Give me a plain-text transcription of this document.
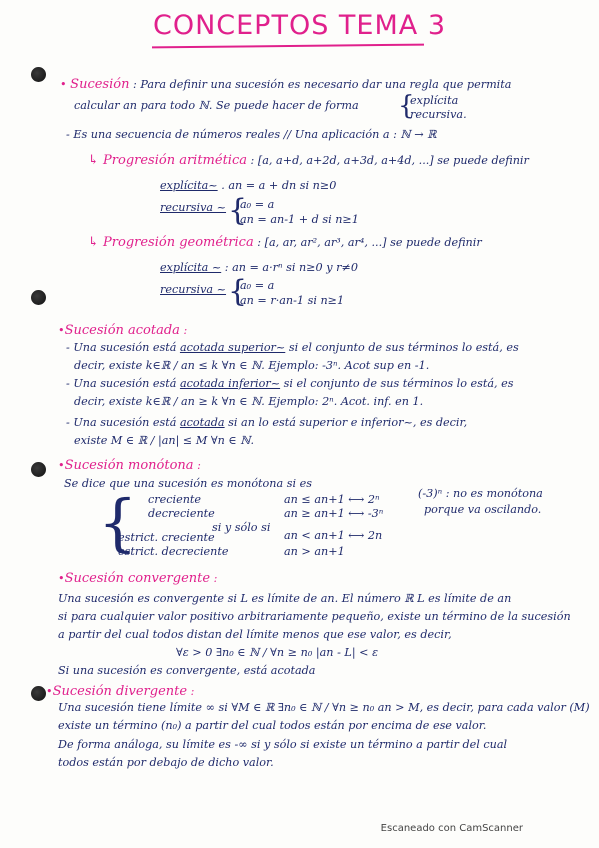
CONCEPTOS TEMA 3
• Sucesión : Para definir una sucesión es necesario dar una regla que permita
calcular an para todo ℕ. Se puede hacer de forma {
explícita
recursiva.
- Es una secuencia de números reales // Una aplicación a : ℕ → ℝ
↳ Progresión aritmética : [a, a+d, a+2d, a+3d, a+4d, ...] se puede definir
explícita~ . an = a + dn si n≥0
recursiva ~ {
a₀ = a
an = an-1 + d si n≥1
↳ Progresión geométrica : [a, ar, ar², ar³, ar⁴, ...] se puede definir
explícita ~ : an = a·rⁿ si n≥0 y r≠0
recursiva ~ {
a₀ = a
an = r·an-1 si n≥1
•Sucesión acotada :
- Una sucesión está acotada superior~ si el conjunto de sus términos lo está, es
decir, existe k∈ℝ / an ≤ k ∀n ∈ ℕ. Ejemplo: -3ⁿ. Acot sup en -1.
- Una sucesión está acotada inferior~ si el conjunto de sus términos lo está, es
decir, existe k∈ℝ / an ≥ k ∀n ∈ ℕ. Ejemplo: 2ⁿ. Acot. inf. en 1.
- Una sucesión está acotada si an lo está superior e inferior~, es decir,
existe M ∈ ℝ / |an| ≤ M ∀n ∈ ℕ.
•Sucesión monótona :
Se dice que una sucesión es monótona si es
{ creciente	an ≤ an+1 ⟷ 2ⁿ
decreciente	an ≥ an+1 ⟷ -3ⁿ
si y sólo si
estrict. creciente	an < an+1 ⟷ 2n
estrict. decreciente	an > an+1
(-3)ⁿ : no es monótona
porque va oscilando.
•Sucesión convergente :
Una sucesión es convergente si L es límite de an. El número ℝ L es límite de an
si para cualquier valor positivo arbitrariamente pequeño, existe un término de la sucesión
a partir del cual todos distan del límite menos que ese valor, es decir,
∀ε > 0 ∃n₀ ∈ ℕ / ∀n ≥ n₀ |an - L| < ε
Si una sucesión es convergente, está acotada
•Sucesión divergente :
Una sucesión tiene límite ∞ si ∀M ∈ ℝ ∃n₀ ∈ ℕ / ∀n ≥ n₀ an > M, es decir, para cada valor (M)
existe un término (n₀) a partir del cual todos están por encima de ese valor.
De forma análoga, su límite es -∞ si y sólo si existe un término a partir del cual
todos están por debajo de dicho valor.
Escaneado con CamScanner
